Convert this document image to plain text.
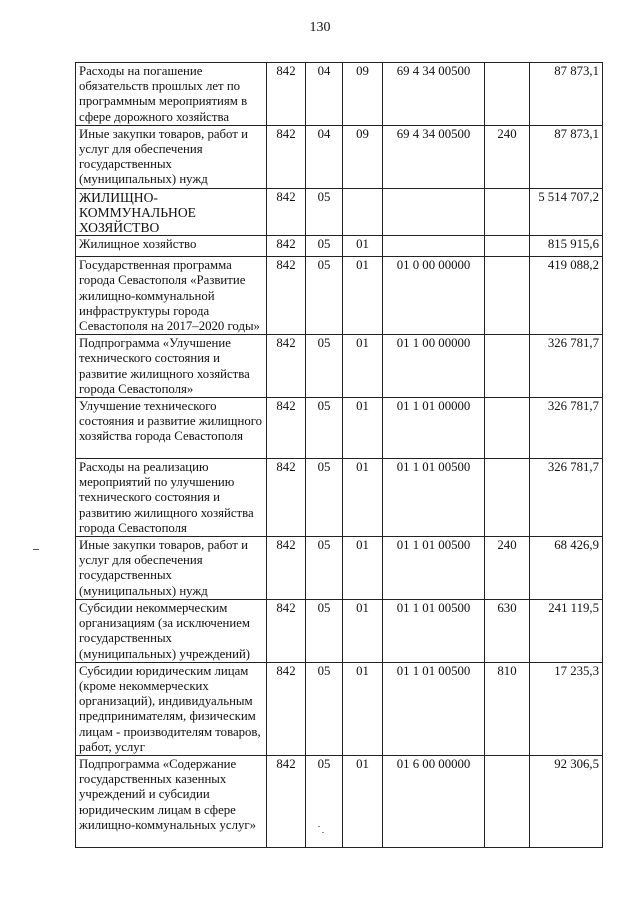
130
Расходы на погашение обязательств прошлых лет по программным мероприятиям в сфере дорожного хозяйства	842	04	09	69 4 34 00500		87 873,1
Иные закупки товаров, работ и услуг для обеспечения государственных (муниципальных) нужд	842	04	09	69 4 34 00500	240	87 873,1
ЖИЛИЩНО-КОММУНАЛЬНОЕ ХОЗЯЙСТВО	842	05				5 514 707,2
Жилищное хозяйство	842	05	01			815 915,6
Государственная программа города Севастополя «Развитие жилищно-коммунальной инфраструктуры города Севастополя на 2017–2020 годы»	842	05	01	01 0 00 00000		419 088,2
Подпрограмма «Улучшение технического состояния и развитие жилищного хозяйства города Севастополя»	842	05	01	01 1 00 00000		326 781,7
Улучшение технического состояния и развитие жилищного хозяйства города Севастополя	842	05	01	01 1 01 00000		326 781,7
Расходы на реализацию мероприятий по улучшению технического состояния и развитию жилищного хозяйства города Севастополя	842	05	01	01 1 01 00500		326 781,7
Иные закупки товаров, работ и услуг для обеспечения государственных (муниципальных) нужд	842	05	01	01 1 01 00500	240	68 426,9
Субсидии некоммерческим организациям (за исключением государственных (муниципальных) учреждений)	842	05	01	01 1 01 00500	630	241 119,5
Субсидии юридическим лицам (кроме некоммерческих организаций), индивидуальным предпринимателям, физическим лицам - производителям товаров, работ, услуг	842	05	01	01 1 01 00500	810	17 235,3
Подпрограмма «Содержание государственных казенных учреждений и субсидии юридическим лицам в сфере жилищно-коммунальных услуг»	842	05	01	01 6 00 00000		92 306,5
